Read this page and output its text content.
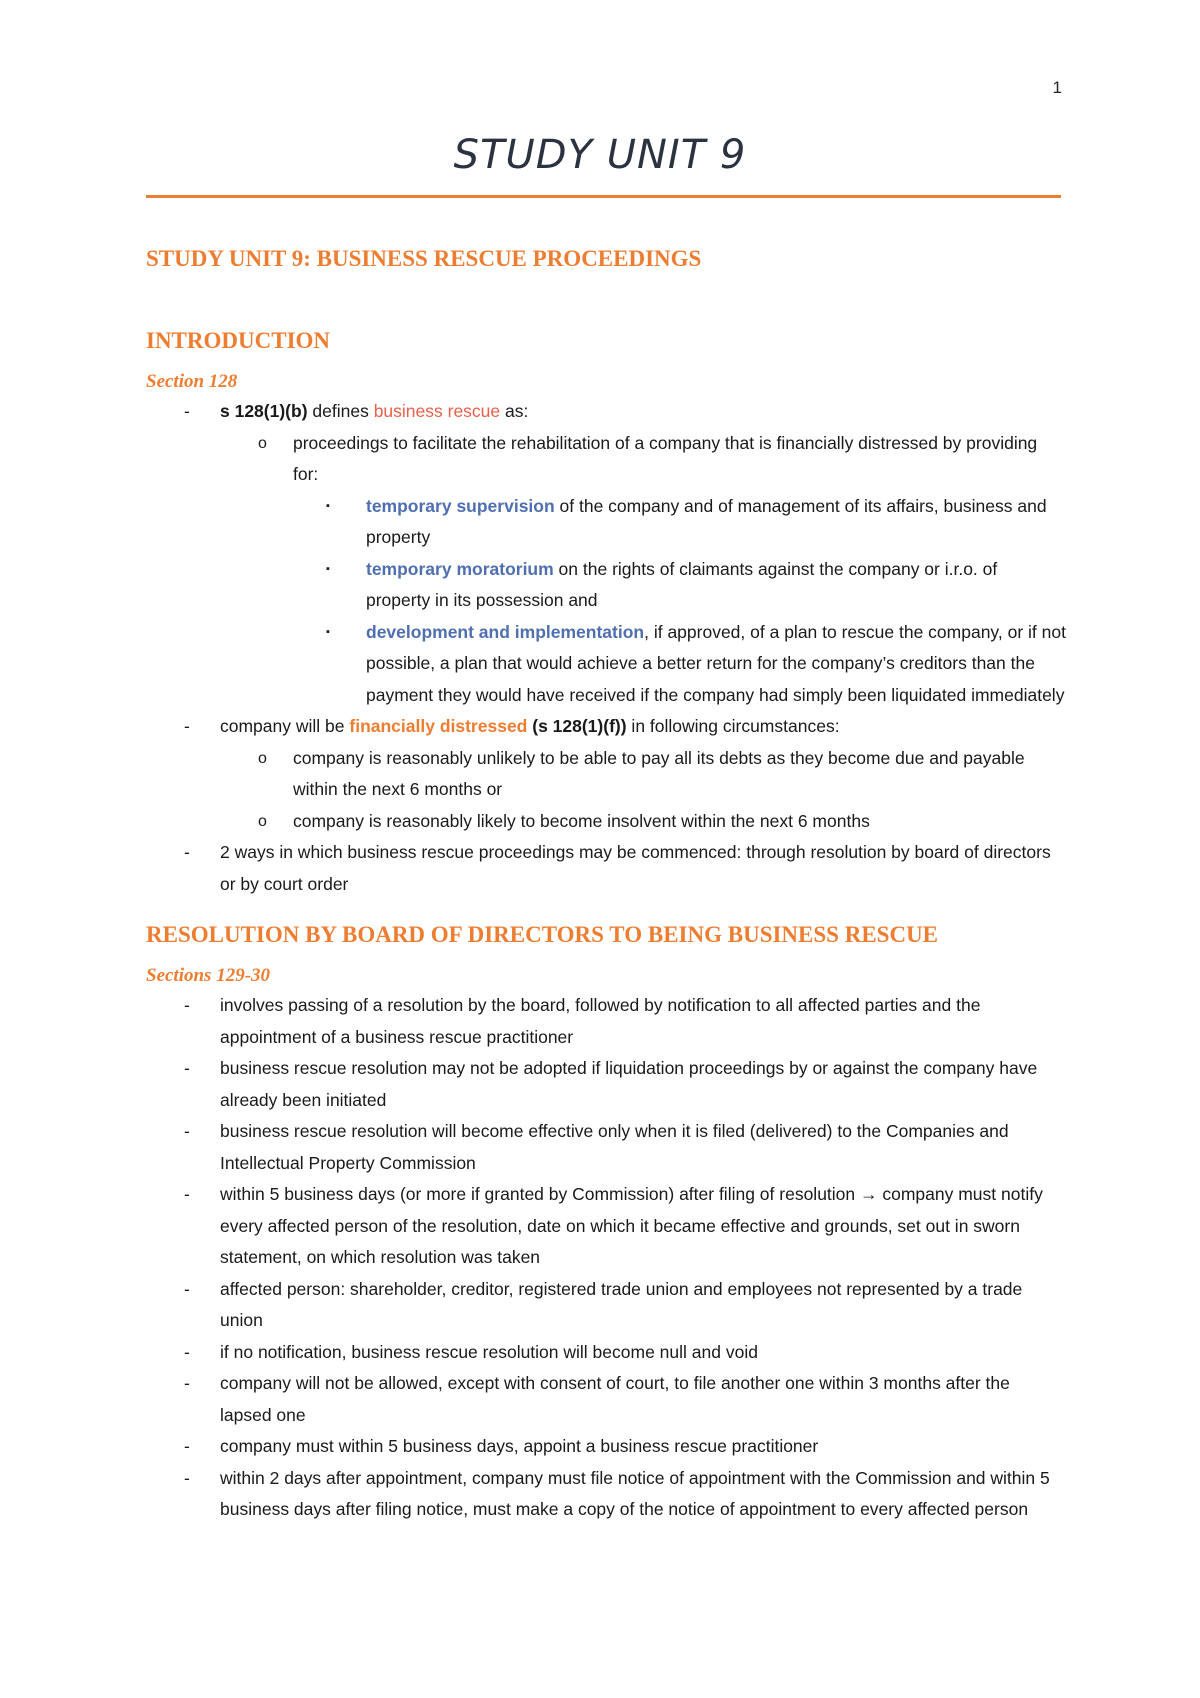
1
STUDY UNIT 9
STUDY UNIT 9: BUSINESS RESCUE PROCEEDINGS
INTRODUCTION
Section 128
- s 128(1)(b) defines business rescue as:
o proceedings to facilitate the rehabilitation of a company that is financially distressed by providing for:
▪ temporary supervision of the company and of management of its affairs, business and property
▪ temporary moratorium on the rights of claimants against the company or i.r.o. of property in its possession and
▪ development and implementation, if approved, of a plan to rescue the company, or if not possible, a plan that would achieve a better return for the company’s creditors than the payment they would have received if the company had simply been liquidated immediately
- company will be financially distressed (s 128(1)(f)) in following circumstances:
o company is reasonably unlikely to be able to pay all its debts as they become due and payable within the next 6 months or
o company is reasonably likely to become insolvent within the next 6 months
- 2 ways in which business rescue proceedings may be commenced: through resolution by board of directors or by court order
RESOLUTION BY BOARD OF DIRECTORS TO BEING BUSINESS RESCUE
Sections 129-30
- involves passing of a resolution by the board, followed by notification to all affected parties and the appointment of a business rescue practitioner
- business rescue resolution may not be adopted if liquidation proceedings by or against the company have already been initiated
- business rescue resolution will become effective only when it is filed (delivered) to the Companies and Intellectual Property Commission
- within 5 business days (or more if granted by Commission) after filing of resolution → company must notify every affected person of the resolution, date on which it became effective and grounds, set out in sworn statement, on which resolution was taken
- affected person: shareholder, creditor, registered trade union and employees not represented by a trade union
- if no notification, business rescue resolution will become null and void
- company will not be allowed, except with consent of court, to file another one within 3 months after the lapsed one
- company must within 5 business days, appoint a business rescue practitioner
- within 2 days after appointment, company must file notice of appointment with the Commission and within 5 business days after filing notice, must make a copy of the notice of appointment to every affected person
